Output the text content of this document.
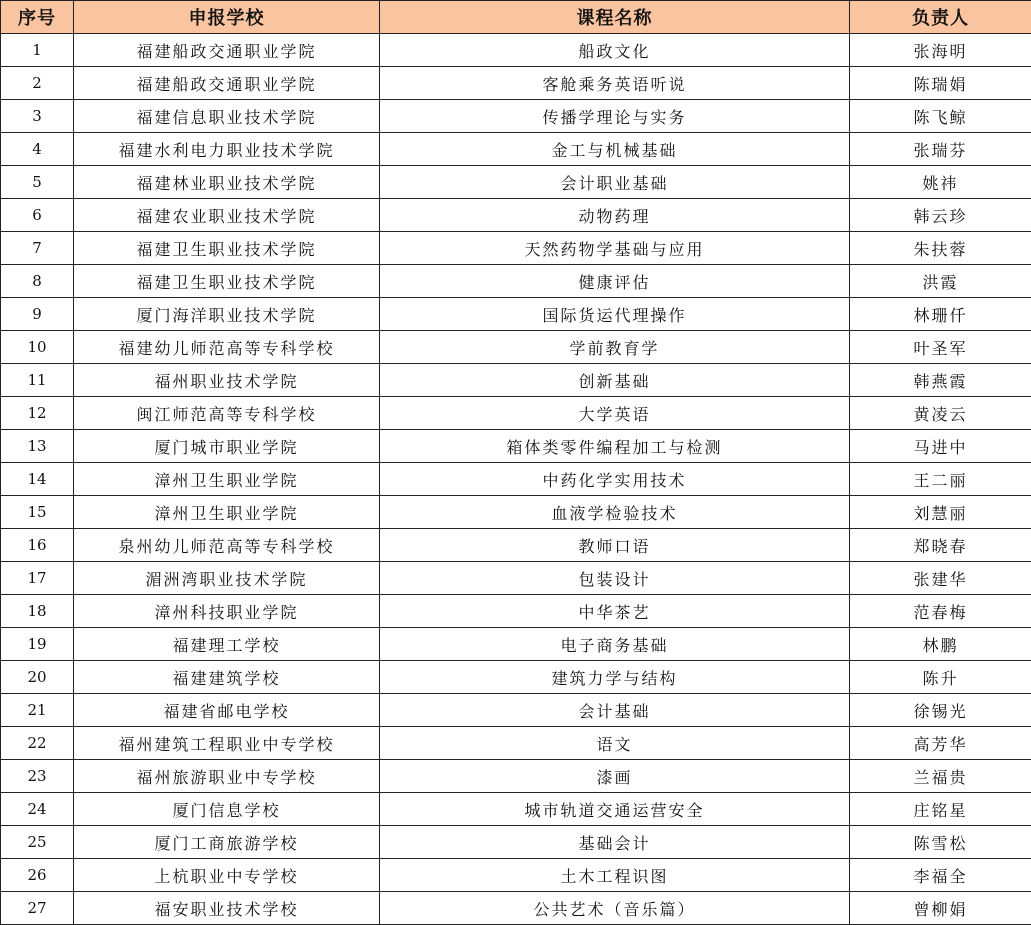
序号	申报学校	课程名称	负责人
1	福建船政交通职业学院	船政文化	张海明
2	福建船政交通职业学院	客舱乘务英语听说	陈瑞娟
3	福建信息职业技术学院	传播学理论与实务	陈飞鲸
4	福建水利电力职业技术学院	金工与机械基础	张瑞芬
5	福建林业职业技术学院	会计职业基础	姚祎
6	福建农业职业技术学院	动物药理	韩云珍
7	福建卫生职业技术学院	天然药物学基础与应用	朱扶蓉
8	福建卫生职业技术学院	健康评估	洪霞
9	厦门海洋职业技术学院	国际货运代理操作	林珊仟
10	福建幼儿师范高等专科学校	学前教育学	叶圣军
11	福州职业技术学院	创新基础	韩燕霞
12	闽江师范高等专科学校	大学英语	黄凌云
13	厦门城市职业学院	箱体类零件编程加工与检测	马进中
14	漳州卫生职业学院	中药化学实用技术	王二丽
15	漳州卫生职业学院	血液学检验技术	刘慧丽
16	泉州幼儿师范高等专科学校	教师口语	郑晓春
17	湄洲湾职业技术学院	包装设计	张建华
18	漳州科技职业学院	中华茶艺	范春梅
19	福建理工学校	电子商务基础	林鹏
20	福建建筑学校	建筑力学与结构	陈升
21	福建省邮电学校	会计基础	徐锡光
22	福州建筑工程职业中专学校	语文	高芳华
23	福州旅游职业中专学校	漆画	兰福贵
24	厦门信息学校	城市轨道交通运营安全	庄铭星
25	厦门工商旅游学校	基础会计	陈雪松
26	上杭职业中专学校	土木工程识图	李福全
27	福安职业技术学校	公共艺术（音乐篇）	曾柳娟
